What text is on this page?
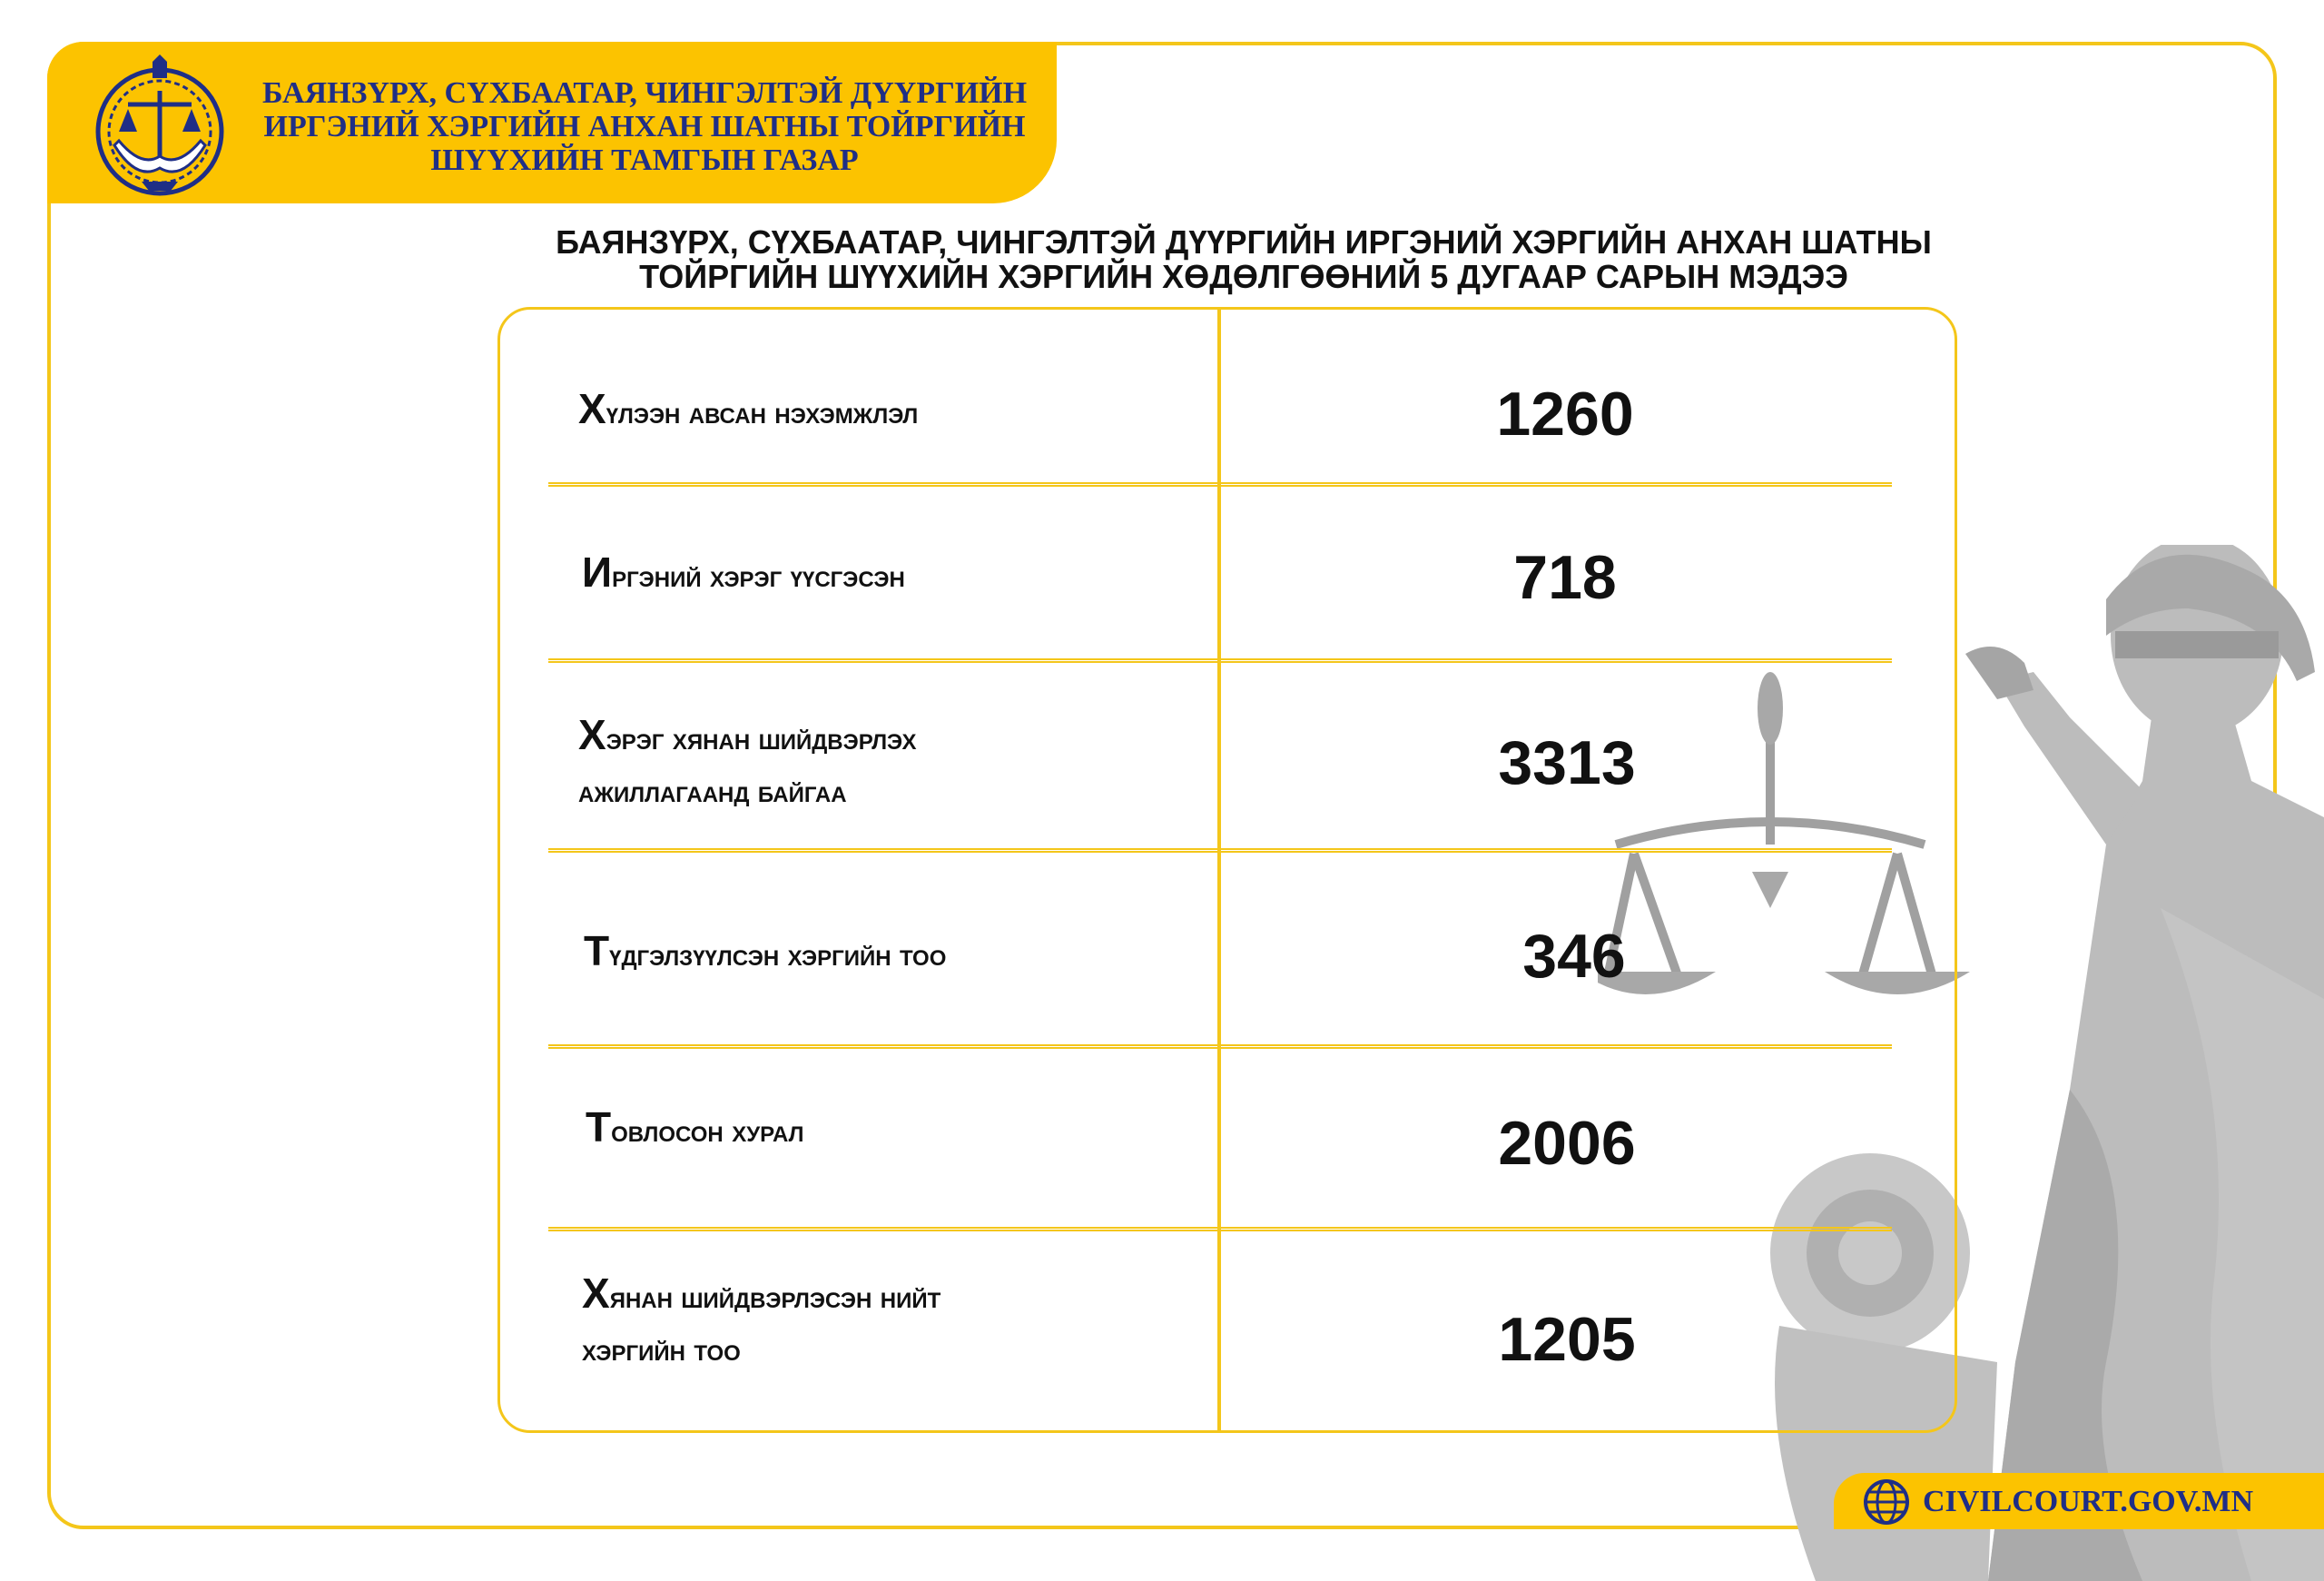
БАЯНЗҮРХ, СҮХБААТАР, ЧИНГЭЛТЭЙ ДҮҮРГИЙН
ИРГЭНИЙ ХЭРГИЙН АНХАН ШАТНЫ ТОЙРГИЙН
ШҮҮХИЙН ТАМГЫН ГАЗАР
БАЯНЗҮРХ, СҮХБААТАР, ЧИНГЭЛТЭЙ ДҮҮРГИЙН ИРГЭНИЙ ХЭРГИЙН АНХАН ШАТНЫ
ТОЙРГИЙН ШҮҮХИЙН ХЭРГИЙН ХӨДӨЛГӨӨНИЙ 5 ДУГААР САРЫН МЭДЭЭ
Хүлээн авсан нэхэмжлэл	1260
Иргэний хэрэг үүсгэсэн	718
Хэрэг хянан шийдвэрлэх
ажиллагаанд байгаа	3313
Түдгэлзүүлсэн хэргийн тоо	346
Товлосон хурал	2006
Хянан шийдвэрлэсэн нийт
хэргийн тоо	1205
CIVILCOURT.GOV.MN
